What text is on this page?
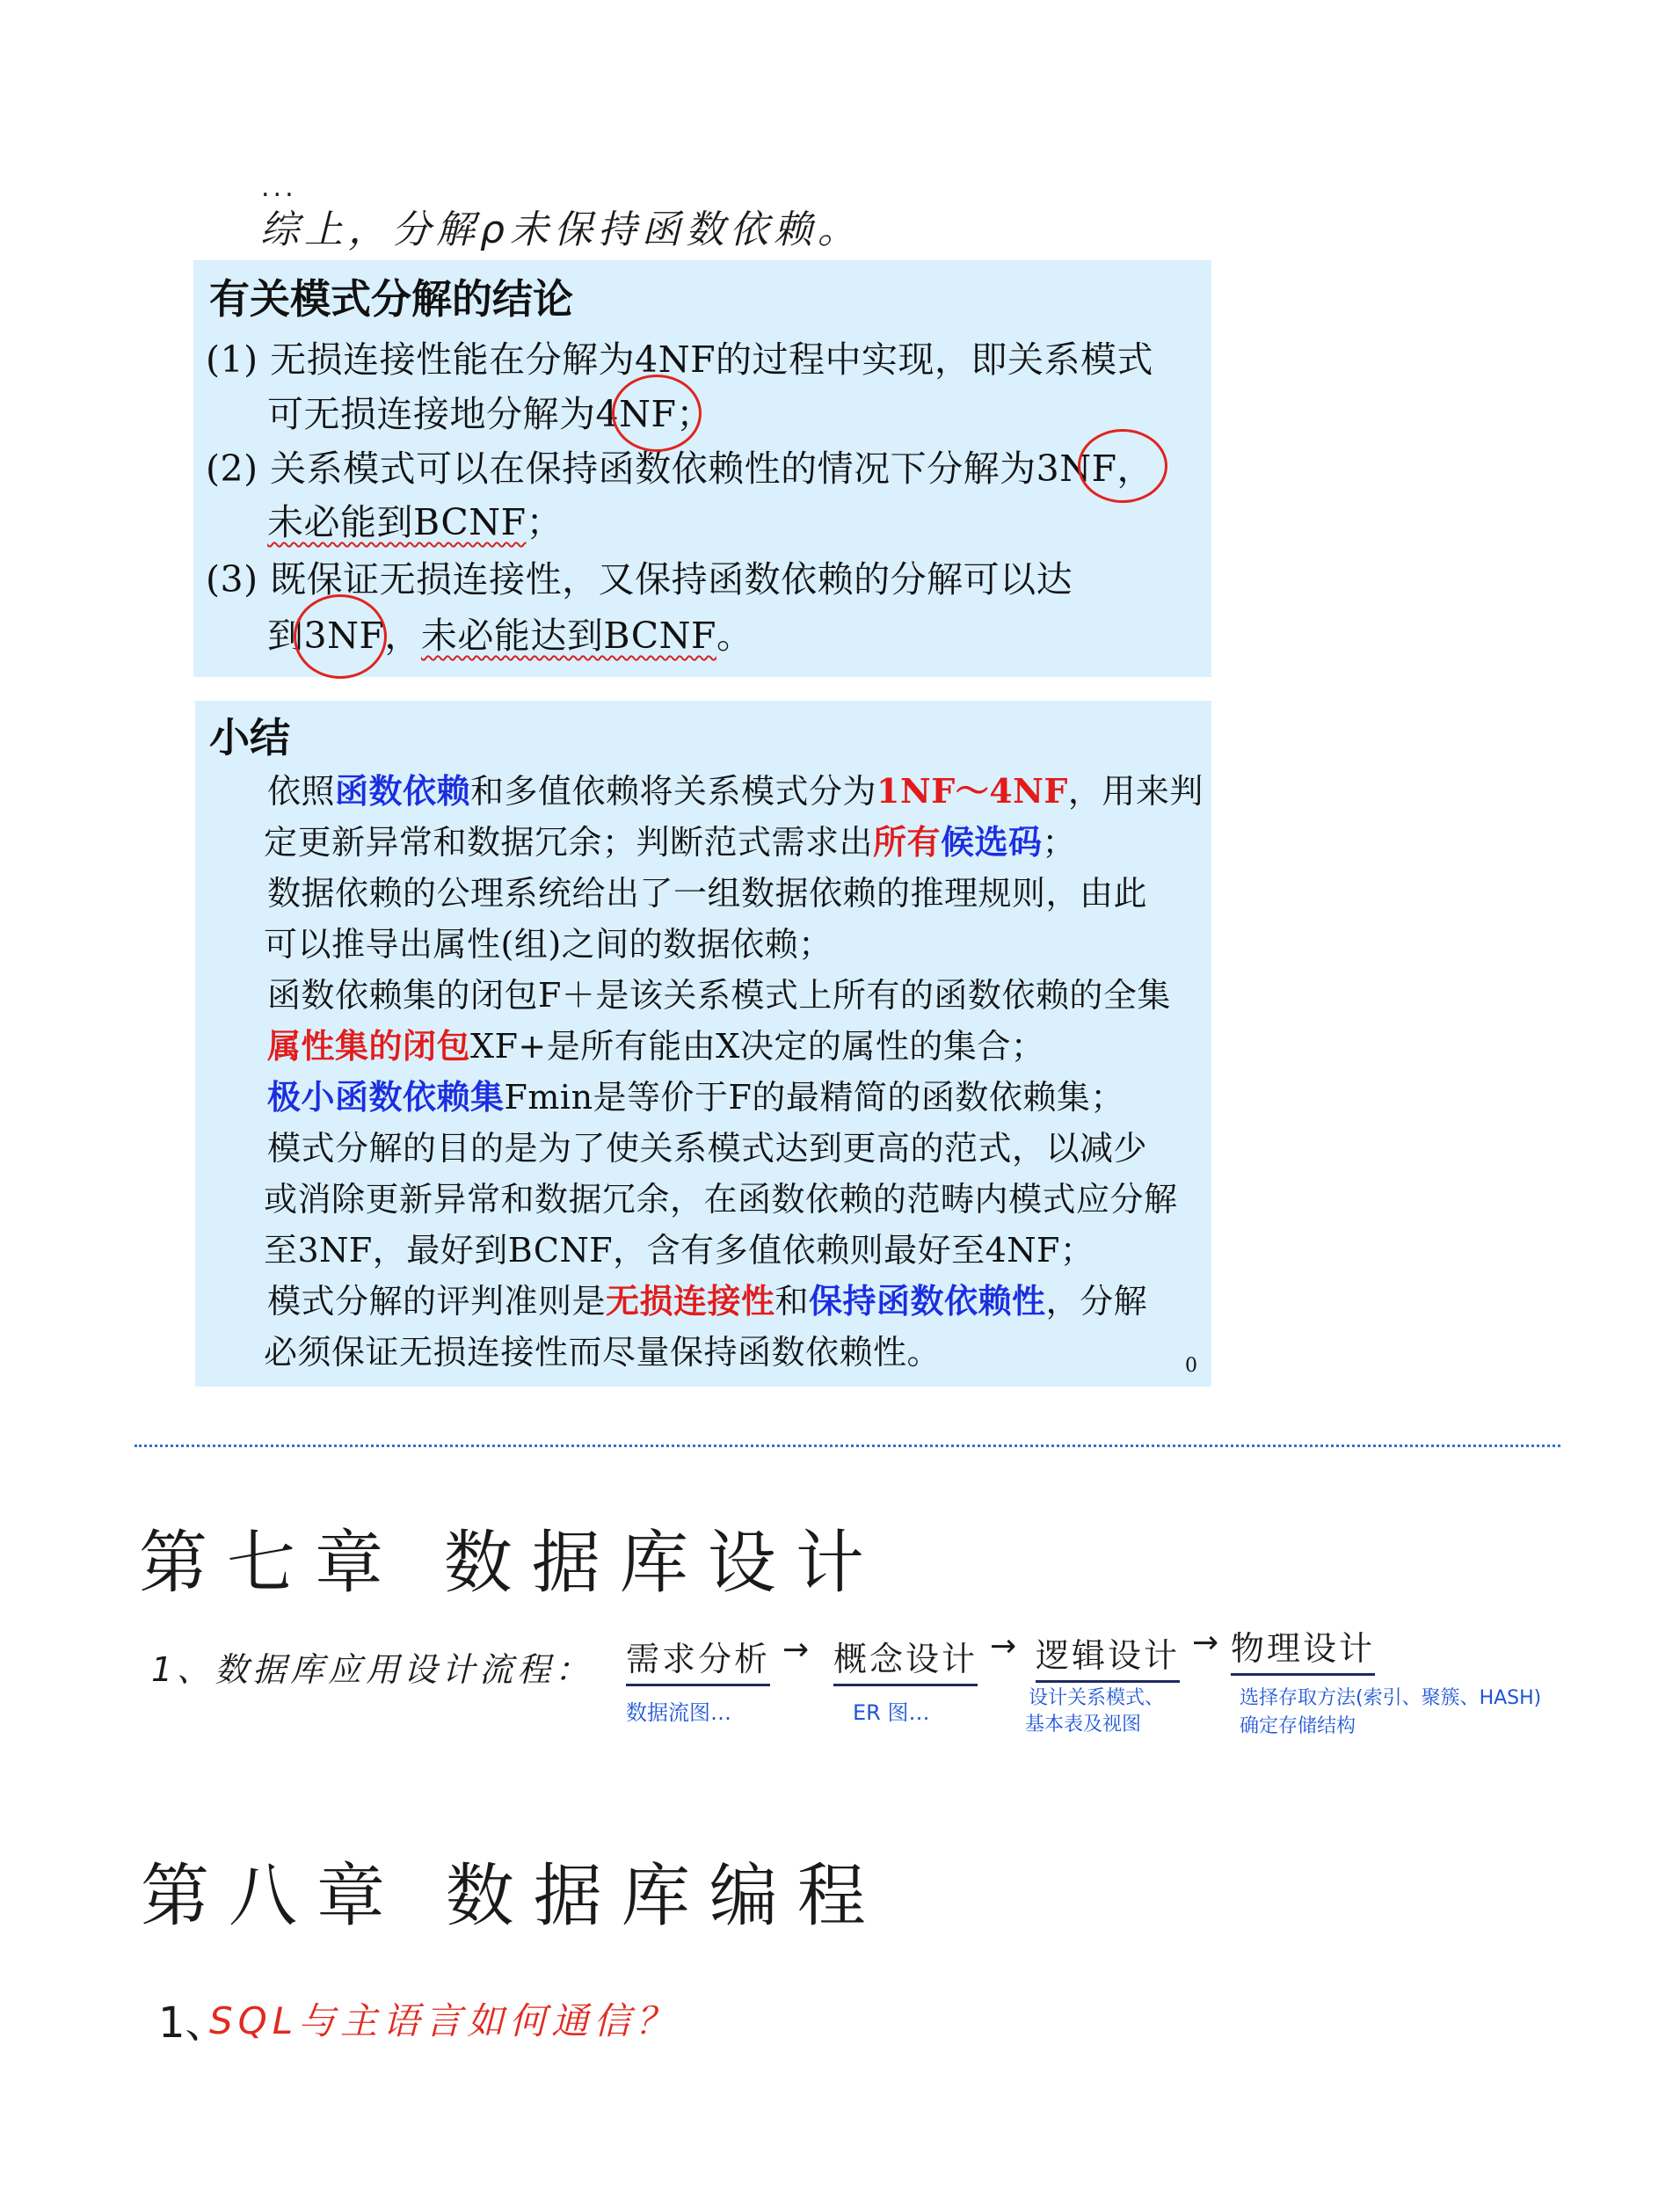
...
综上，分解ρ未保持函数依赖。
有关模式分解的结论
(1) 无损连接性能在分解为4NF的过程中实现，即关系模式
可无损连接地分解为4NF；
(2) 关系模式可以在保持函数依赖性的情况下分解为3NF，
未必能到BCNF；
(3) 既保证无损连接性，又保持函数依赖的分解可以达
到3NF，未必能达到BCNF。
小结
依照函数依赖和多值依赖将关系模式分为1NF～4NF，用来判
定更新异常和数据冗余；判断范式需求出所有候选码；
数据依赖的公理系统给出了一组数据依赖的推理规则，由此
可以推导出属性(组)之间的数据依赖；
函数依赖集的闭包F＋是该关系模式上所有的函数依赖的全集
属性集的闭包XF+是所有能由X决定的属性的集合；
极小函数依赖集Fmin是等价于F的最精简的函数依赖集；
模式分解的目的是为了使关系模式达到更高的范式，以减少
或消除更新异常和数据冗余，在函数依赖的范畴内模式应分解
至3NF，最好到BCNF，含有多值依赖则最好至4NF；
模式分解的评判准则是无损连接性和保持函数依赖性，分解
必须保证无损连接性而尽量保持函数依赖性。	0
第七章 数据库设计
1、数据库应用设计流程： 需求分析 → 概念设计 → 逻辑设计 → 物理设计
数据流图…	ER 图…
设计关系模式、
基本表及视图
选择存取方法(索引、聚簇、HASH)
确定存储结构
第八章 数据库编程
1、
SQL与主语言如何通信？
